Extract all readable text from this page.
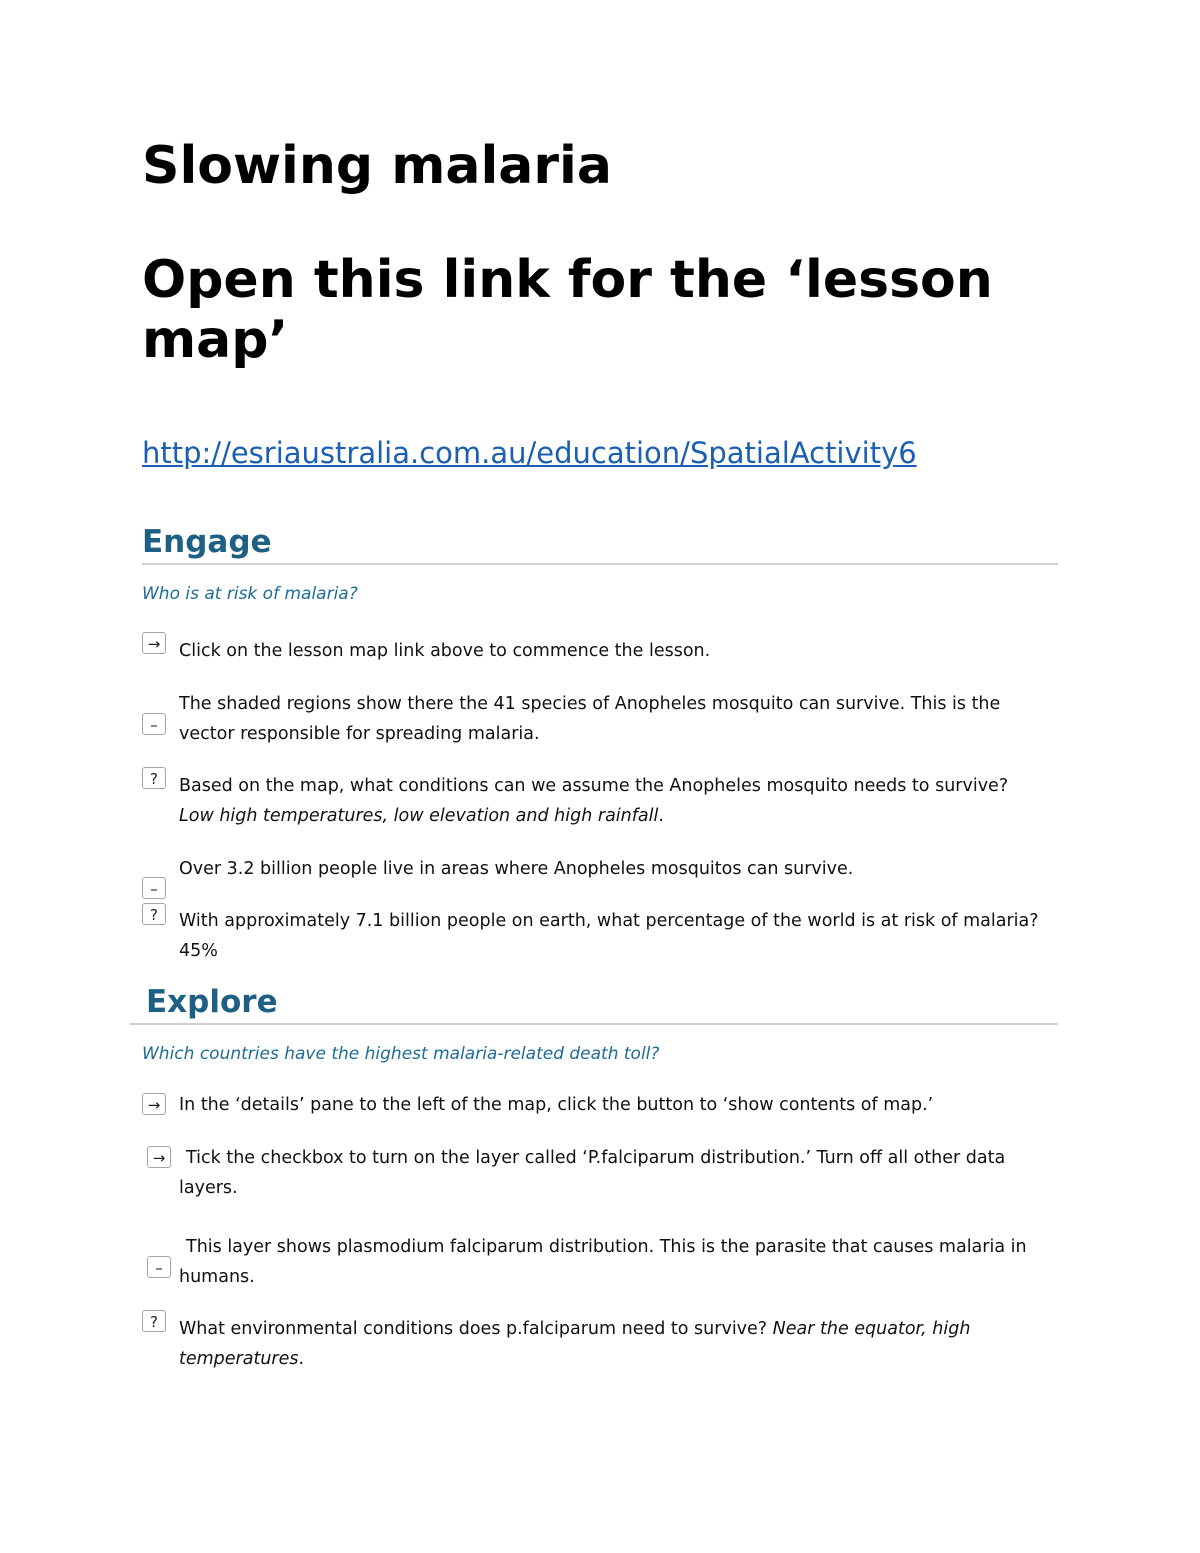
Slowing malaria
Open this link for the ‘lesson map’
http://esriaustralia.com.au/education/SpatialActivity6
Engage
Who is at risk of malaria?
→	Click on the lesson map link above to commence the lesson.
–
The shaded regions show there the 41 species of Anopheles mosquito can survive. This is the vector responsible for spreading malaria.
?	Based on the map, what conditions can we assume the Anopheles mosquito needs to survive?
Low high temperatures, low elevation and high rainfall.
–
Over 3.2 billion people live in areas where Anopheles mosquitos can survive.
?	With approximately 7.1 billion people on earth, what percentage of the world is at risk of malaria?
45%
Explore
Which countries have the highest malaria-related death toll?
→	In the ‘details’ pane to the left of the map, click the button to ‘show contents of map.’
→	Tick the checkbox to turn on the layer called ‘P.falciparum distribution.’ Turn off all other data layers.
–
This layer shows plasmodium falciparum distribution. This is the parasite that causes malaria in humans.
?	What environmental conditions does p.falciparum need to survive? Near the equator, high temperatures.
